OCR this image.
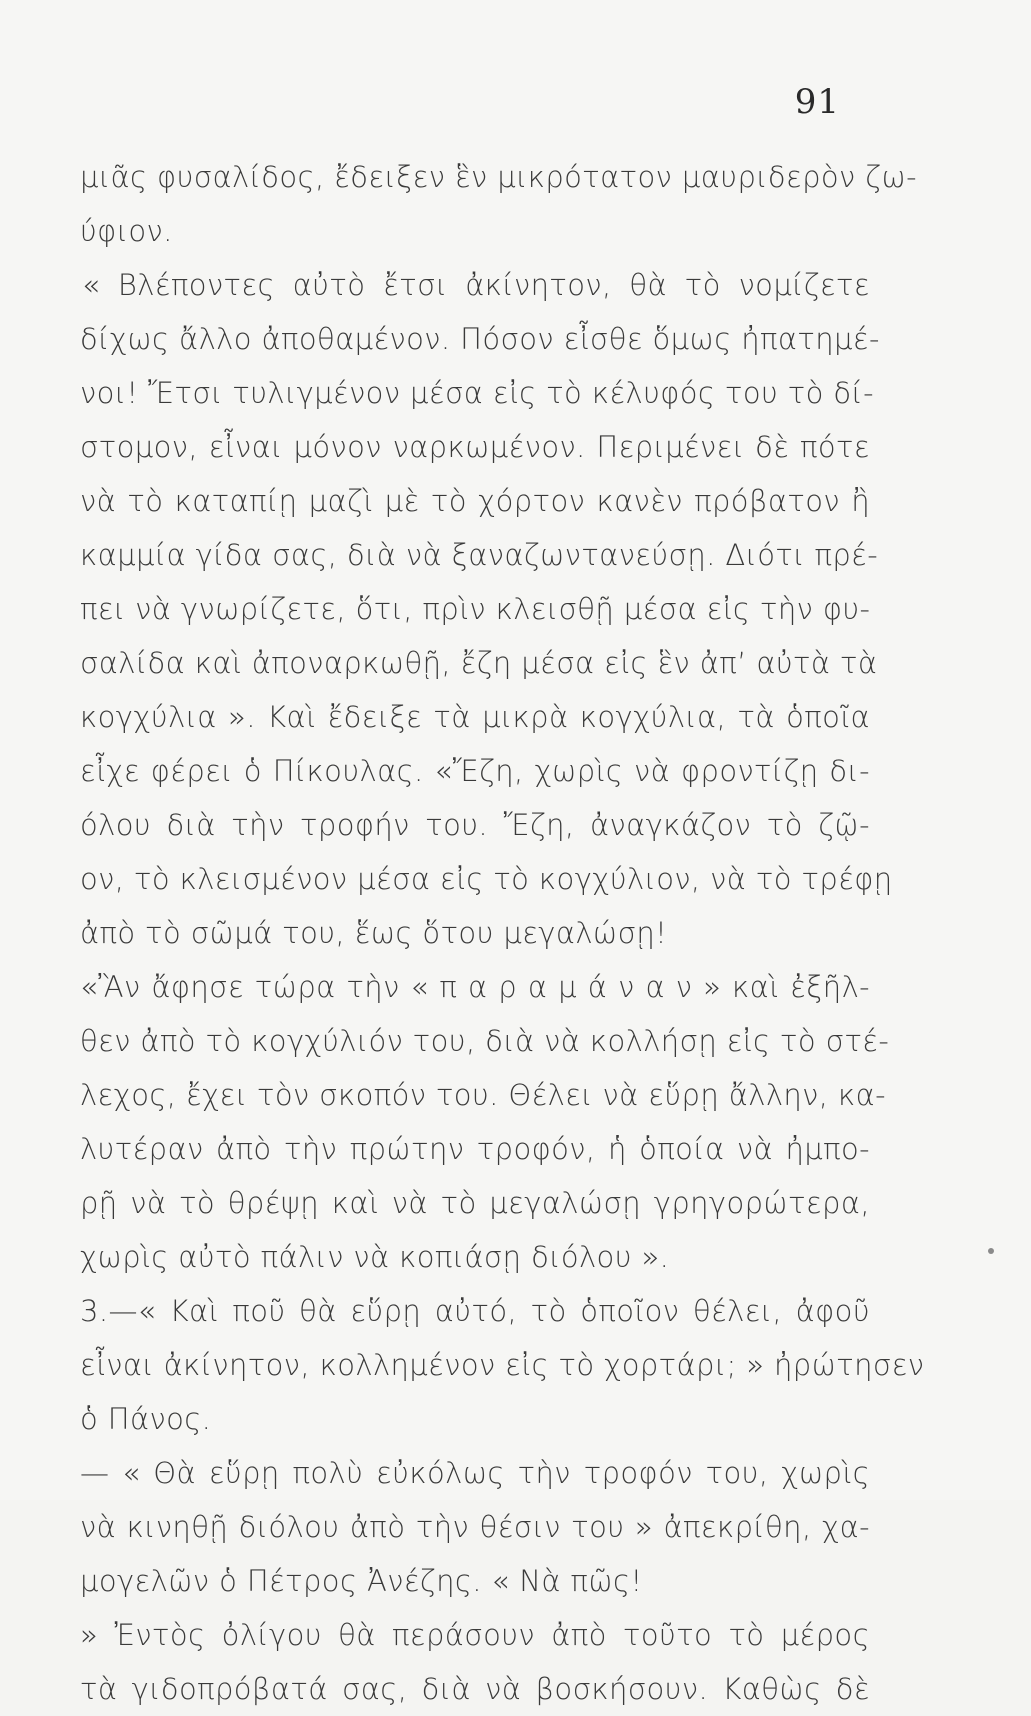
91
μιᾶς φυσαλίδος, ἔδειξεν ἓν μικρότατον μαυριδερὸν ζω-
ύφιον.
« Βλέποντες αὐτὸ ἔτσι ἀκίνητον, θὰ τὸ νομίζετε
δίχως ἄλλο ἀποθαμένον. Πόσον εἶσθε ὅμως ἠπατημέ-
νοι! Ἔτσι τυλιγμένον μέσα εἰς τὸ κέλυφός του τὸ δί-
στομον, εἶναι μόνον ναρκωμένον. Περιμένει δὲ πότε
νὰ τὸ καταπίῃ μαζὶ μὲ τὸ χόρτον κανὲν πρόβατον ἢ
καμμία γίδα σας, διὰ νὰ ξαναζωντανεύσῃ. Διότι πρέ-
πει νὰ γνωρίζετε, ὅτι, πρὶν κλεισθῇ μέσα εἰς τὴν φυ-
σαλίδα καὶ ἀποναρκωθῇ, ἔζη μέσα εἰς ἓν ἀπ’ αὐτὰ τὰ
κογχύλια ». Καὶ ἔδειξε τὰ μικρὰ κογχύλια, τὰ ὁποῖα
εἶχε φέρει ὁ Πίκουλας. «Ἔζη, χωρὶς νὰ φροντίζῃ δι-
όλου διὰ τὴν τροφήν του. Ἔζη, ἀναγκάζον τὸ ζῷ-
ον, τὸ κλεισμένον μέσα εἰς τὸ κογχύλιον, νὰ τὸ τρέφῃ
ἀπὸ τὸ σῶμά του, ἕως ὅτου μεγαλώσῃ!
«Ἂν ἄφησε τώρα τὴν « π α ρ α μ ά ν α ν » καὶ ἐξῆλ-
θεν ἀπὸ τὸ κογχύλιόν του, διὰ νὰ κολλήσῃ εἰς τὸ στέ-
λεχος, ἔχει τὸν σκοπόν του. Θέλει νὰ εὕρῃ ἄλλην, κα-
λυτέραν ἀπὸ τὴν πρώτην τροφόν, ἡ ὁποία νὰ ἠμπο-
ρῇ νὰ τὸ θρέψῃ καὶ νὰ τὸ μεγαλώσῃ γρηγορώτερα,
χωρὶς αὐτὸ πάλιν νὰ κοπιάσῃ διόλου ».
3.—« Καὶ ποῦ θὰ εὕρῃ αὐτό, τὸ ὁποῖον θέλει, ἀφοῦ
εἶναι ἀκίνητον, κολλημένον εἰς τὸ χορτάρι; » ἠρώτησεν
ὁ Πάνος.
— « Θὰ εὕρῃ πολὺ εὐκόλως τὴν τροφόν του, χωρὶς
νὰ κινηθῇ διόλου ἀπὸ τὴν θέσιν του » ἀπεκρίθη, χα-
μογελῶν ὁ Πέτρος Ἀνέζης. « Νὰ πῶς!
» Ἐντὸς ὀλίγου θὰ περάσουν ἀπὸ τοῦτο τὸ μέρος
τὰ γιδοπρόβατά σας, διὰ νὰ βοσκήσουν. Καθὼς δὲ
